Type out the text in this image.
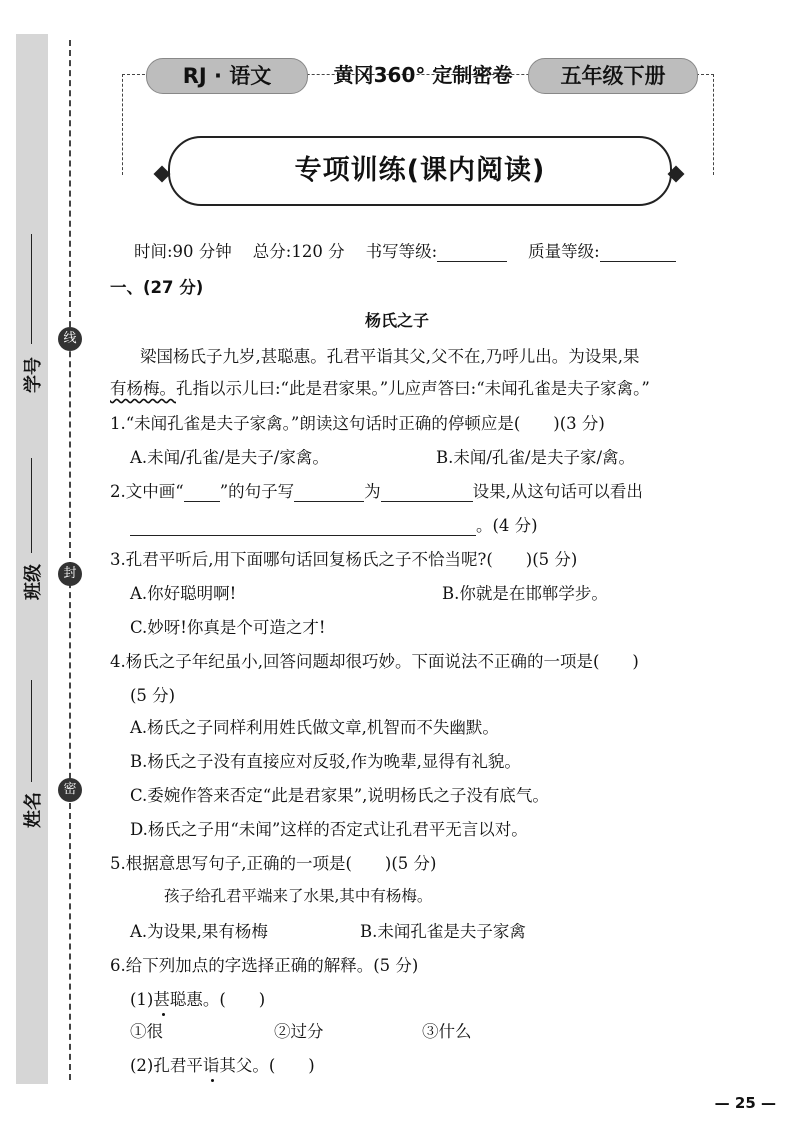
学号
班级
姓名
线
封
密
RJ · 语文	黄冈360° 定制密卷	五年级下册
专项训练(课内阅读)
时间:90 分钟 总分:120 分 书写等级:	质量等级:
一、(27 分)
杨氏之子
梁国杨氏子九岁,甚聪惠。孔君平诣其父,父不在,乃呼儿出。为设果,果
有杨梅。孔指以示儿曰:“此是君家果。”儿应声答曰:“未闻孔雀是夫子家禽。”
1.“未闻孔雀是夫子家禽。”朗读这句话时正确的停顿应是(　　)(3 分)
A.未闻/孔雀/是夫子/家禽。	B.未闻/孔雀/是夫子家/禽。
2.文中画“ ”的句子写	为	设果,从这句话可以看出
。(4 分)
3.孔君平听后,用下面哪句话回复杨氏之子不恰当呢?(　　)(5 分)
A.你好聪明啊!	B.你就是在邯郸学步。
C.妙呀!你真是个可造之才!
4.杨氏之子年纪虽小,回答问题却很巧妙。下面说法不正确的一项是(　　)
(5 分)
A.杨氏之子同样利用姓氏做文章,机智而不失幽默。
B.杨氏之子没有直接应对反驳,作为晚辈,显得有礼貌。
C.委婉作答来否定“此是君家果”,说明杨氏之子没有底气。
D.杨氏之子用“未闻”这样的否定式让孔君平无言以对。
5.根据意思写句子,正确的一项是(　　)(5 分)
孩子给孔君平端来了水果,其中有杨梅。
A.为设果,果有杨梅	B.未闻孔雀是夫子家禽
6.给下列加点的字选择正确的解释。(5 分)
(1)甚聪惠。(　　)
①很	②过分	③什么
(2)孔君平诣其父。(　　)
— 25 —
